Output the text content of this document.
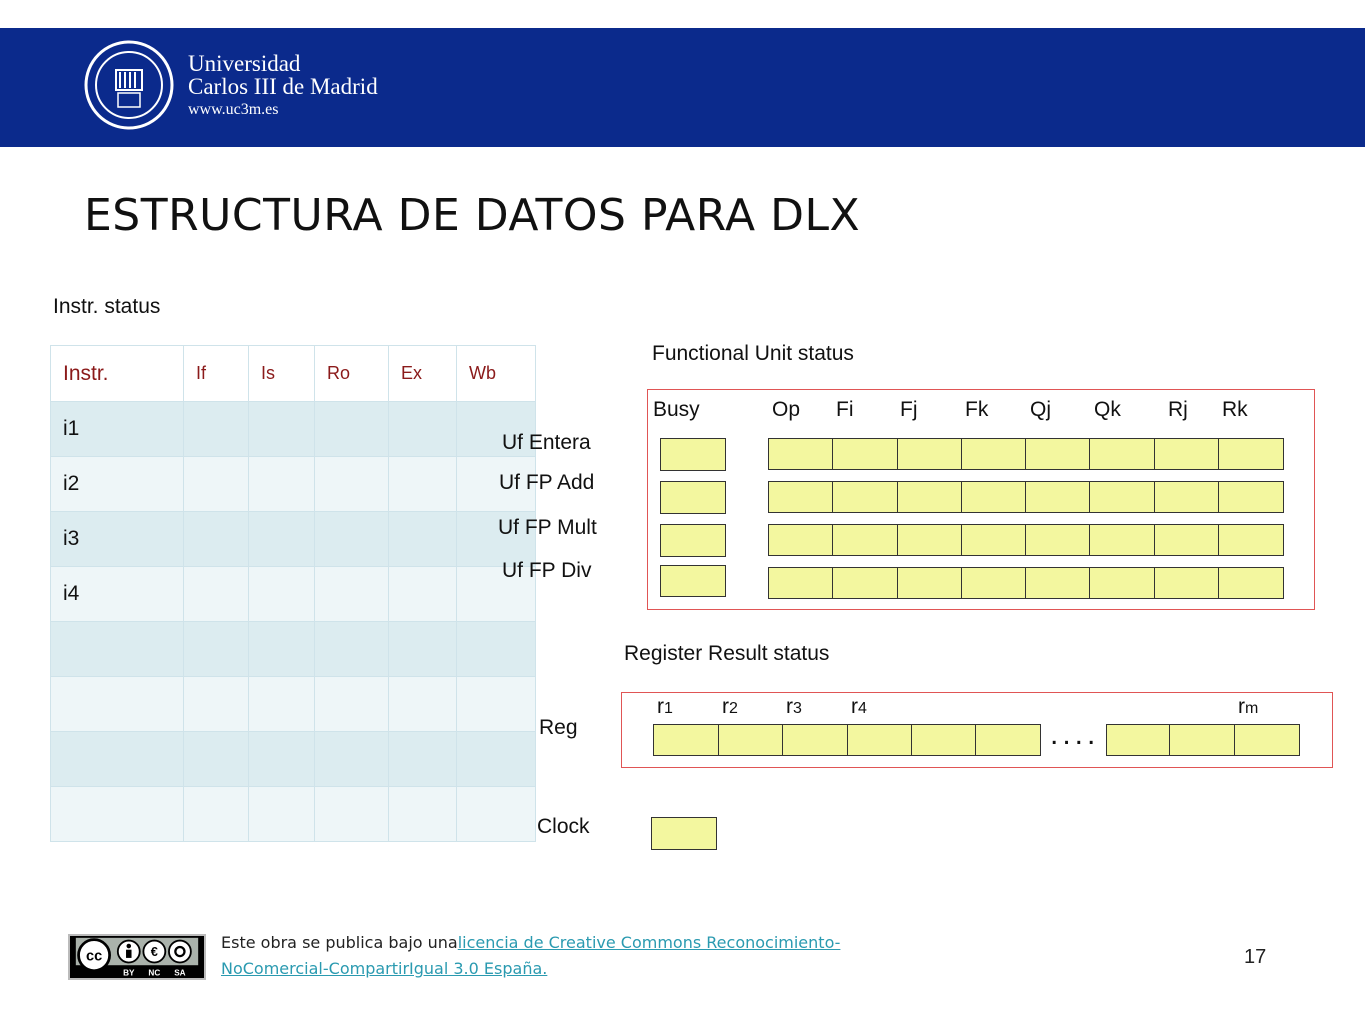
Universidad
Carlos III de Madrid
www.uc3m.es
ESTRUCTURA DE DATOS PARA DLX
Instr. status
Instr.	If	Is	Ro	Ex	Wb
i1					
i2					
i3					
i4					

Functional Unit status
Busy	Op Fi Fj Fk Qj Qk Rj Rk
Uf Entera
Uf FP Add
Uf FP Mult
Uf FP Div
Register Result status
r1 r2 r3 r4	rm
Reg	....
Clock
cc	€
BY NC SA
Este obra se publica bajo unalicencia de Creative Commons Reconocimiento-
NoComercial-CompartirIgual 3.0 España.
17
